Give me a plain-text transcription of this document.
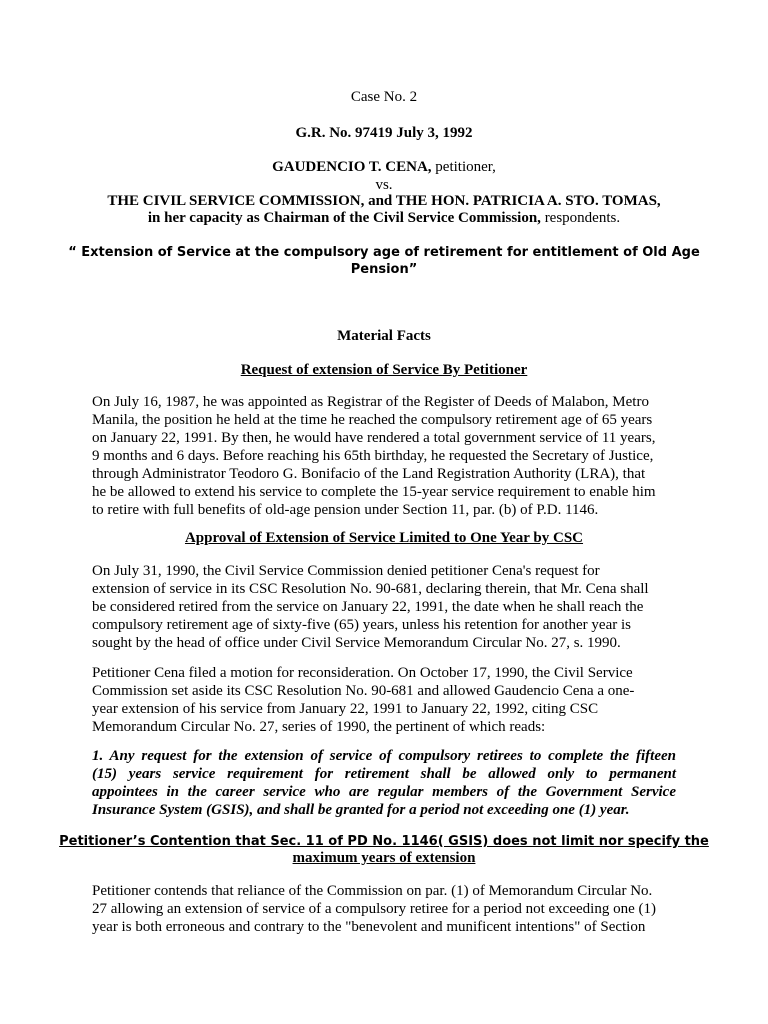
Case No. 2
G.R. No. 97419 July 3, 1992
GAUDENCIO T. CENA, petitioner,
vs.
THE CIVIL SERVICE COMMISSION, and THE HON. PATRICIA A. STO. TOMAS,
in her capacity as Chairman of the Civil Service Commission, respondents.
“ Extension of Service at the compulsory age of retirement for entitlement of Old Age
Pension”
Material Facts
Request of extension of Service By Petitioner
On July 16, 1987, he was appointed as Registrar of the Register of Deeds of Malabon, Metro
Manila, the position he held at the time he reached the compulsory retirement age of 65 years
on January 22, 1991. By then, he would have rendered a total government service of 11 years,
9 months and 6 days. Before reaching his 65th birthday, he requested the Secretary of Justice,
through Administrator Teodoro G. Bonifacio of the Land Registration Authority (LRA), that
he be allowed to extend his service to complete the 15-year service requirement to enable him
to retire with full benefits of old-age pension under Section 11, par. (b) of P.D. 1146.
Approval of Extension of Service Limited to One Year by CSC
On July 31, 1990, the Civil Service Commission denied petitioner Cena's request for
extension of service in its CSC Resolution No. 90-681, declaring therein, that Mr. Cena shall
be considered retired from the service on January 22, 1991, the date when he shall reach the
compulsory retirement age of sixty-five (65) years, unless his retention for another year is
sought by the head of office under Civil Service Memorandum Circular No. 27, s. 1990.
Petitioner Cena filed a motion for reconsideration. On October 17, 1990, the Civil Service
Commission set aside its CSC Resolution No. 90-681 and allowed Gaudencio Cena a one-
year extension of his service from January 22, 1991 to January 22, 1992, citing CSC
Memorandum Circular No. 27, series of 1990, the pertinent of which reads:
1. Any request for the extension of service of compulsory retirees to complete the fifteen
(15) years service requirement for retirement shall be allowed only to permanent
appointees in the career service who are regular members of the Government Service
Insurance System (GSIS), and shall be granted for a period not exceeding one (1) year.
Petitioner’s Contention that Sec. 11 of PD No. 1146( GSIS) does not limit nor specify the
maximum years of extension
Petitioner contends that reliance of the Commission on par. (1) of Memorandum Circular No.
27 allowing an extension of service of a compulsory retiree for a period not exceeding one (1)
year is both erroneous and contrary to the "benevolent and munificent intentions" of Section
